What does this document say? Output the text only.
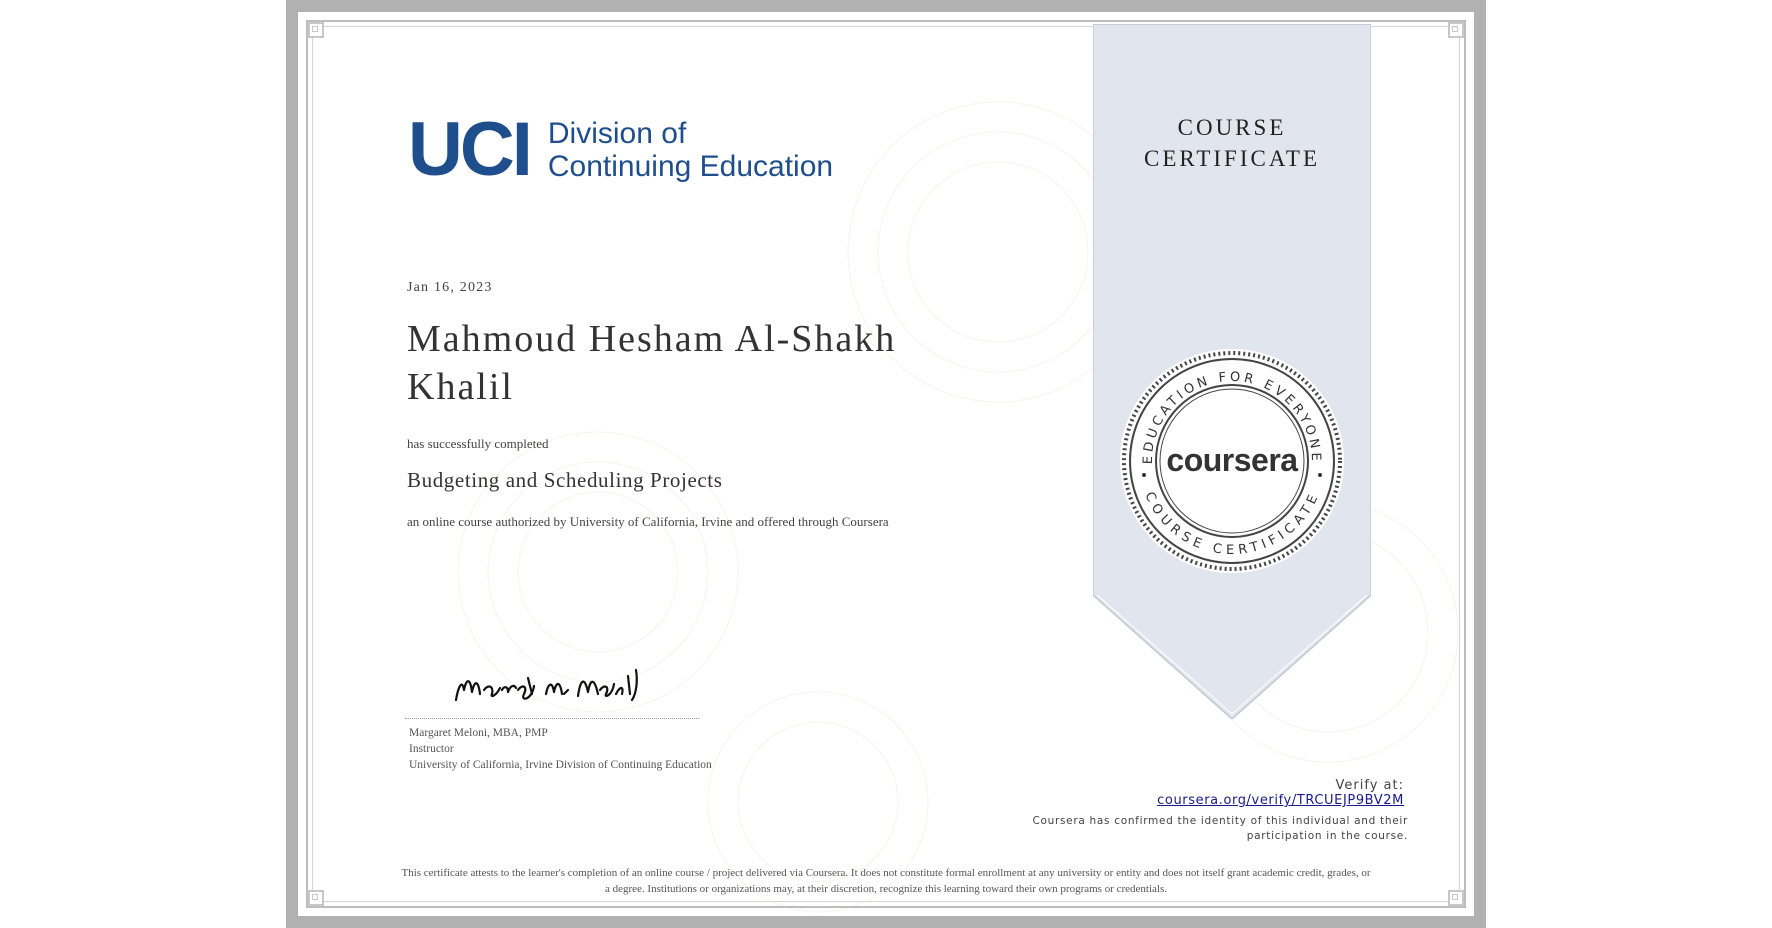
COURSE
CERTIFICATE
EDUCATION FOR EVERYONE
COURSE CERTIFICATE
coursera
UCI Division of
Continuing Education
Jan 16, 2023
Mahmoud Hesham Al-Shakh
Khalil
has successfully completed
Budgeting and Scheduling Projects
an online course authorized by University of California, Irvine and offered through Coursera
Margaret Meloni, MBA, PMP
Instructor
University of California, Irvine Division of Continuing Education
Verify at:
coursera.org/verify/TRCUEJP9BV2M
Coursera has confirmed the identity of this individual and their
participation in the course.
This certificate attests to the learner's completion of an online course / project delivered via Coursera. It does not constitute formal enrollment at any university or entity and does not itself grant academic credit, grades, or
a degree. Institutions or organizations may, at their discretion, recognize this learning toward their own programs or credentials.
